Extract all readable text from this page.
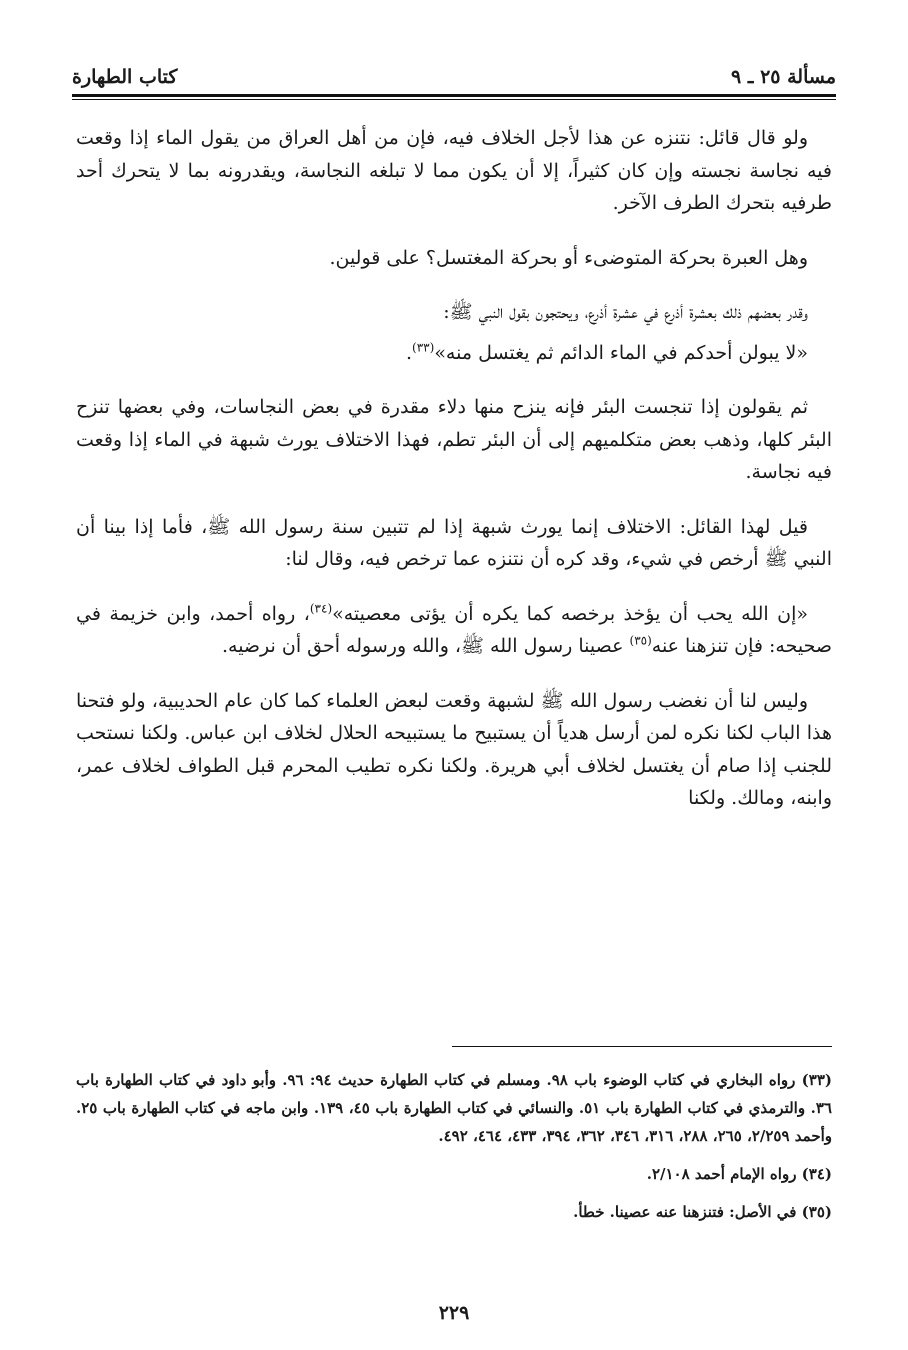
مسألة ٢٥ ـ ٩
كتاب الطهارة

ولو قال قائل: نتنزه عن هذا لأجل الخلاف فيه، فإن من أهل العراق من يقول الماء إذا وقعت فيه نجاسة نجسته وإن كان كثيراً، إلا أن يكون مما لا تبلغه النجاسة، ويقدرونه بما لا يتحرك أحد طرفيه بتحرك الطرف الآخر.

وهل العبرة بحركة المتوضىء أو بحركة المغتسل؟ على قولين.

وقدر بعضهم ذلك بعشرة أذرع في عشرة أذرع، ويحتجون بقول النبي ﷺ:

«لا يبولن أحدكم في الماء الدائم ثم يغتسل منه»$^{(٣٣)}$.

ثم يقولون إذا تنجست البئر فإنه ينزح منها دلاء مقدرة في بعض النجاسات، وفي بعضها تنزح البئر كلها، وذهب بعض متكلميهم إلى أن البئر تطم، فهذا الاختلاف يورث شبهة في الماء إذا وقعت فيه نجاسة.

قيل لهذا القائل: الاختلاف إنما يورث شبهة إذا لم تتبين سنة رسول الله ﷺ، فأما إذا بينا أن النبي ﷺ أرخص في شيء، وقد كره أن نتنزه عما ترخص فيه، وقال لنا:

«إن الله يحب أن يؤخذ برخصه كما يكره أن يؤتى معصيته»$^{(٣٤)}$، رواه أحمد، وابن خزيمة في صحيحه: فإن تنزهنا عنه$^{(٣٥)}$ عصينا رسول الله ﷺ، والله ورسوله أحق أن نرضيه.

وليس لنا أن نغضب رسول الله ﷺ لشبهة وقعت لبعض العلماء كما كان عام الحديبية، ولو فتحنا هذا الباب لكنا نكره لمن أرسل هدياً أن يستبيح ما يستبيحه الحلال لخلاف ابن عباس. ولكنا نستحب للجنب إذا صام أن يغتسل لخلاف أبي هريرة. ولكنا نكره تطيب المحرم قبل الطواف لخلاف عمر، وابنه، ومالك. ولكنا

(٣٣) رواه البخاري في كتاب الوضوء باب ٩٨. ومسلم في كتاب الطهارة حديث ٩٤: ٩٦. وأبو داود في كتاب الطهارة باب ٣٦. والترمذي في كتاب الطهارة باب ٥١. والنسائي في كتاب الطهارة باب ٤٥، ١٣٩. وابن ماجه في كتاب الطهارة باب ٢٥. وأحمد ٢/٢٥٩، ٢٦٥، ٢٨٨، ٣١٦، ٣٤٦، ٣٦٢، ٣٩٤، ٤٣٣، ٤٦٤، ٤٩٢.

(٣٤) رواه الإمام أحمد ٢/١٠٨.

(٣٥) في الأصل: فتنزهنا عنه عصينا. خطأ.

٢٢٩
